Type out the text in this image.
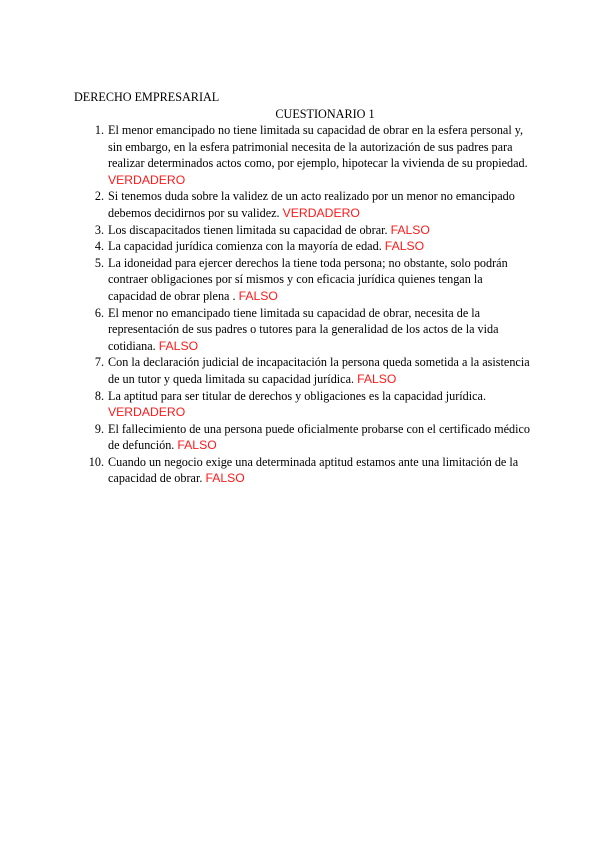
DERECHO EMPRESARIAL
CUESTIONARIO 1
1. El menor emancipado no tiene limitada su capacidad de obrar en la esfera personal y, sin embargo, en la esfera patrimonial necesita de la autorización de sus padres para realizar determinados actos como, por ejemplo, hipotecar la vivienda de su propiedad.
VERDADERO
2. Si tenemos duda sobre la validez de un acto realizado por un menor no emancipado debemos decidirnos por su validez. VERDADERO
3. Los discapacitados tienen limitada su capacidad de obrar. FALSO
4. La capacidad jurídica comienza con la mayoría de edad. FALSO
5. La idoneidad para ejercer derechos la tiene toda persona; no obstante, solo podrán contraer obligaciones por sí mismos y con eficacia jurídica quienes tengan la capacidad de obrar plena . FALSO
6. El menor no emancipado tiene limitada su capacidad de obrar, necesita de la representación de sus padres o tutores para la generalidad de los actos de la vida cotidiana. FALSO
7. Con la declaración judicial de incapacitación la persona queda sometida a la asistencia de un tutor y queda limitada su capacidad jurídica. FALSO
8. La aptitud para ser titular de derechos y obligaciones es la capacidad jurídica.
VERDADERO
9. El fallecimiento de una persona puede oficialmente probarse con el certificado médico de defunción. FALSO
10. Cuando un negocio exige una determinada aptitud estamos ante una limitación de la capacidad de obrar. FALSO
